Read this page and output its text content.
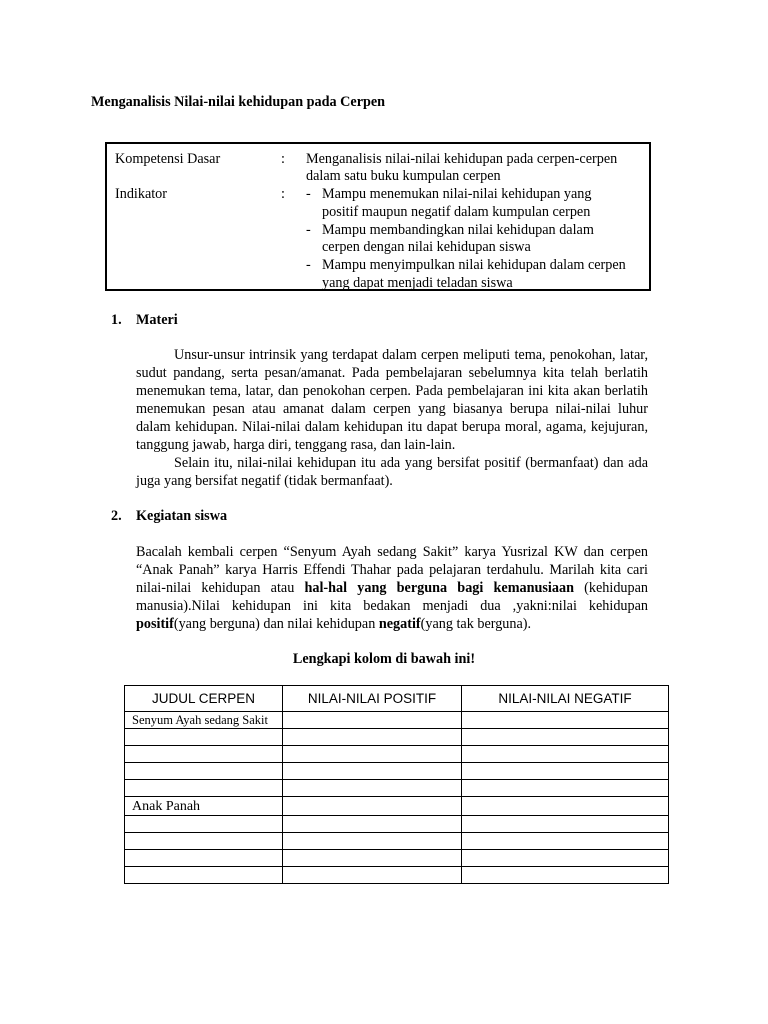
Menganalisis Nilai-nilai kehidupan pada Cerpen
Kompetensi Dasar	: Menganalisis nilai-nilai kehidupan pada cerpen-cerpen
dalam satu buku kumpulan cerpen
Indikator	: - Mampu menemukan nilai-nilai kehidupan yang
positif maupun negatif dalam kumpulan cerpen
- Mampu membandingkan nilai kehidupan dalam
cerpen dengan nilai kehidupan siswa
- Mampu menyimpulkan nilai kehidupan dalam cerpen
yang dapat menjadi teladan siswa
1. Materi

Unsur-unsur intrinsik yang terdapat dalam cerpen meliputi tema, penokohan, latar, sudut pandang, serta pesan/amanat. Pada pembelajaran sebelumnya kita telah berlatih menemukan tema, latar, dan penokohan cerpen. Pada pembelajaran ini kita akan berlatih menemukan pesan atau amanat dalam cerpen yang biasanya berupa nilai-nilai luhur dalam kehidupan. Nilai-nilai dalam kehidupan itu dapat berupa moral, agama, kejujuran, tanggung jawab, harga diri, tenggang rasa, dan lain-lain.

Selain itu, nilai-nilai kehidupan itu ada yang bersifat positif (bermanfaat) dan ada juga yang bersifat negatif (tidak bermanfaat).

2. Kegiatan siswa

Bacalah kembali cerpen “Senyum Ayah sedang Sakit” karya Yusrizal KW dan cerpen “Anak Panah” karya Harris Effendi Thahar pada pelajaran terdahulu. Marilah kita cari nilai-nilai kehidupan atau hal-hal yang berguna bagi kemanusiaan (kehidupan manusia).Nilai kehidupan ini kita bedakan menjadi dua ,yakni:nilai kehidupan positif(yang berguna) dan nilai kehidupan negatif(yang tak berguna).

Lengkapi kolom di bawah ini!
JUDUL CERPEN	NILAI-NILAI POSITIF	NILAI-NILAI NEGATIF
Senyum Ayah sedang Sakit		

Anak Panah		
